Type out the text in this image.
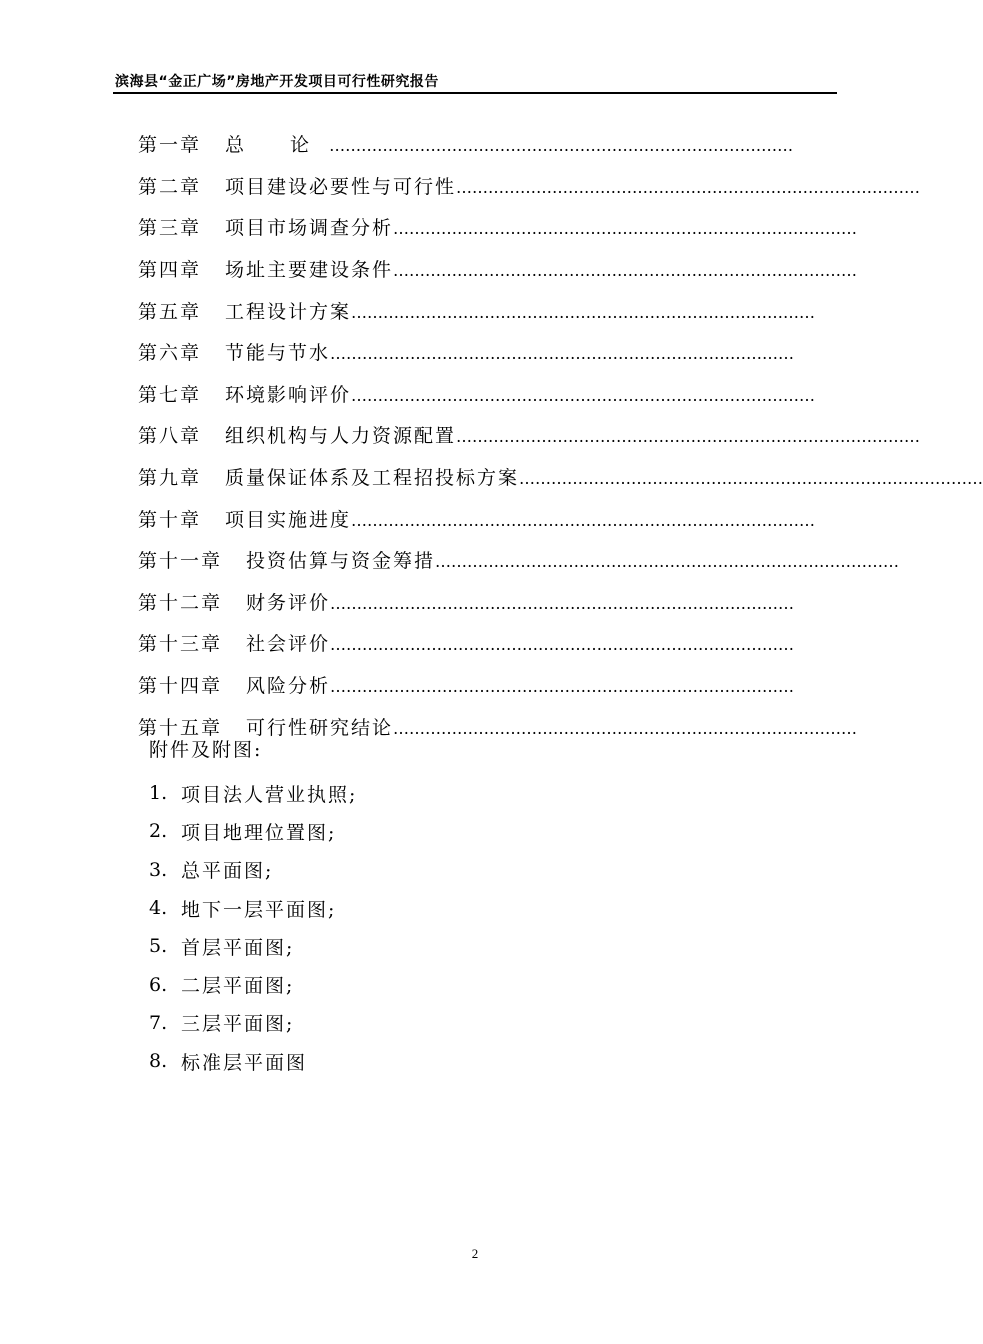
滨海县“金正广场”房地产开发项目可行性研究报告
第一章 总 论 ……………………………………………………………………………
第二章 项目建设必要性与可行性 ……………………………………………………………………………
第三章 项目市场调查分析 ……………………………………………………………………………
第四章 场址主要建设条件 ……………………………………………………………………………
第五章 工程设计方案 ……………………………………………………………………………
第六章 节能与节水 ……………………………………………………………………………
第七章 环境影响评价 ……………………………………………………………………………
第八章 组织机构与人力资源配置 ……………………………………………………………………………
第九章 质量保证体系及工程招投标方案 ……………………………………………………………………………
第十章 项目实施进度 ……………………………………………………………………………
第十一章 投资估算与资金筹措 ……………………………………………………………………………
第十二章 财务评价 ……………………………………………………………………………
第十三章 社会评价 ……………………………………………………………………………
第十四章 风险分析 ……………………………………………………………………………
第十五章 可行性研究结论 ……………………………………………………………………………
附件及附图:
1. 项目法人营业执照;
2. 项目地理位置图;
3. 总平面图;
4. 地下一层平面图;
5. 首层平面图;
6. 二层平面图;
7. 三层平面图;
8. 标准层平面图
2
